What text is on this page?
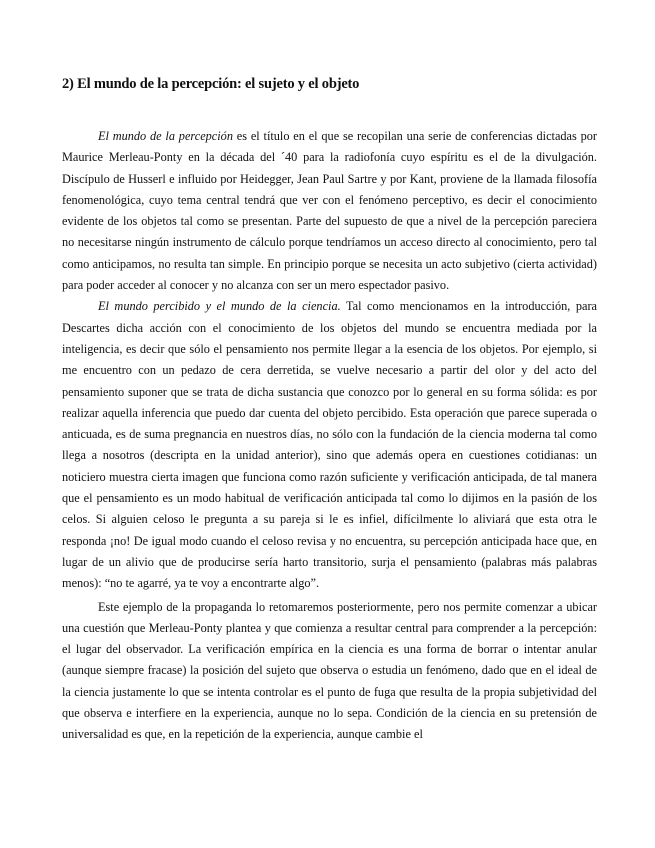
2) El mundo de la percepción: el sujeto y el objeto

El mundo de la percepción es el título en el que se recopilan una serie de conferencias dictadas por Maurice Merleau-Ponty en la década del ´40 para la radiofonía cuyo espíritu es el de la divulgación. Discípulo de Husserl e influido por Heidegger, Jean Paul Sartre y por Kant, proviene de la llamada filosofía fenomenológica, cuyo tema central tendrá que ver con el fenómeno perceptivo, es decir el conocimiento evidente de los objetos tal como se presentan. Parte del supuesto de que a nivel de la percepción pareciera no necesitarse ningún instrumento de cálculo porque tendríamos un acceso directo al conocimiento, pero tal como anticipamos, no resulta tan simple. En principio porque se necesita un acto subjetivo (cierta actividad) para poder acceder al conocer y no alcanza con ser un mero espectador pasivo.

El mundo percibido y el mundo de la ciencia. Tal como mencionamos en la introducción, para Descartes dicha acción con el conocimiento de los objetos del mundo se encuentra mediada por la inteligencia, es decir que sólo el pensamiento nos permite llegar a la esencia de los objetos. Por ejemplo, si me encuentro con un pedazo de cera derretida, se vuelve necesario a partir del olor y del acto del pensamiento suponer que se trata de dicha sustancia que conozco por lo general en su forma sólida: es por realizar aquella inferencia que puedo dar cuenta del objeto percibido. Esta operación que parece superada o anticuada, es de suma pregnancia en nuestros días, no sólo con la fundación de la ciencia moderna tal como llega a nosotros (descripta en la unidad anterior), sino que además opera en cuestiones cotidianas: un noticiero muestra cierta imagen que funciona como razón suficiente y verificación anticipada, de tal manera que el pensamiento es un modo habitual de verificación anticipada tal como lo dijimos en la pasión de los celos. Si alguien celoso le pregunta a su pareja si le es infiel, difícilmente lo aliviará que esta otra le responda ¡no! De igual modo cuando el celoso revisa y no encuentra, su percepción anticipada hace que, en lugar de un alivio que de producirse sería harto transitorio, surja el pensamiento (palabras más palabras menos): “no te agarré, ya te voy a encontrarte algo”.

Este ejemplo de la propaganda lo retomaremos posteriormente, pero nos permite comenzar a ubicar una cuestión que Merleau-Ponty plantea y que comienza a resultar central para comprender a la percepción: el lugar del observador. La verificación empírica en la ciencia es una forma de borrar o intentar anular (aunque siempre fracase) la posición del sujeto que observa o estudia un fenómeno, dado que en el ideal de la ciencia justamente lo que se intenta controlar es el punto de fuga que resulta de la propia subjetividad del que observa e interfiere en la experiencia, aunque no lo sepa. Condición de la ciencia en su pretensión de universalidad es que, en la repetición de la experiencia, aunque cambie el
